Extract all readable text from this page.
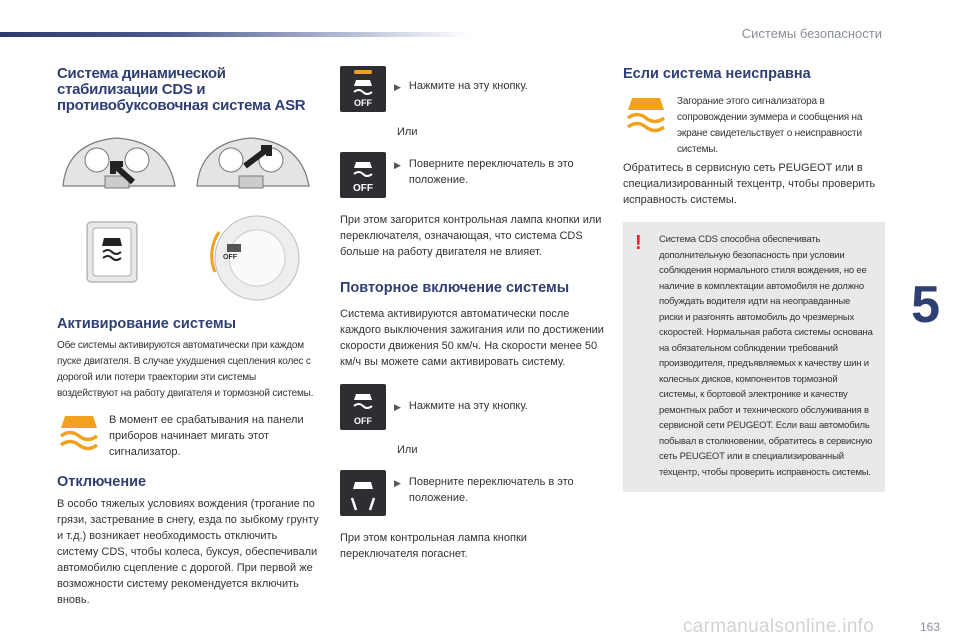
Системы безопасности
5
163
carmanualsonline.info
Система динамической стабилизации CDS и противобуксовочная система ASR
OFF
Активирование системы

Обе системы активируются автоматически при каждом пуске двигателя. В случае ухудшения сцепления колес с дорогой или потери траектории эти системы воздействуют на работу двигателя и тормозной системы.

В момент ее срабатывания на панели приборов начинает мигать этот сигнализатор.

Отключение

В особо тяжелых условиях вождения (трогание по грязи, застревание в снегу, езда по зыбкому грунту и т.д.) возникает необходимость отключить систему CDS, чтобы колеса, буксуя, обеспечивали автомобилю сцепление с дорогой. При первой же возможности систему рекомендуется включить вновь.

OFF
▶ Нажмите на эту кнопку.
Или
OFF
▶ Поверните переключатель в это положение.

При этом загорится контрольная лампа кнопки или переключателя, означающая, что система CDS больше на работу двигателя не влияет.

Повторное включение системы

Система активируются автоматически после каждого выключения зажигания или по достижении скорости движения 50 км/ч. На скорости менее 50 км/ч вы можете сами активировать систему.

OFF
▶ Нажмите на эту кнопку.
Или
▶ Поверните переключатель в это положение.

При этом контрольная лампа кнопки переключателя погаснет.

Если система неисправна

Загорание этого сигнализатора в сопровождении зуммера и сообщения на экране свидетельствует о неисправности системы.

Обратитесь в сервисную сеть PEUGEOT или в специализированный техцентр, чтобы проверить исправность системы.

! Система CDS способна обеспечивать дополнительную безопасность при условии соблюдения нормального стиля вождения, но ее наличие в комплектации автомобиля не должно побуждать водителя идти на неоправданные риски и разгонять автомобиль до чрезмерных скоростей. Нормальная работа системы основана на обязательном соблюдении требований производителя, предъявляемых к качеству шин и колесных дисков, компонентов тормозной системы, к бортовой электронике и качеству ремонтных работ и технического обслуживания в сервисной сети PEUGEOT. Если ваш автомобиль побывал в столкновении, обратитесь в сервисную сеть PEUGEOT или в специализированный техцентр, чтобы проверить исправность системы.
